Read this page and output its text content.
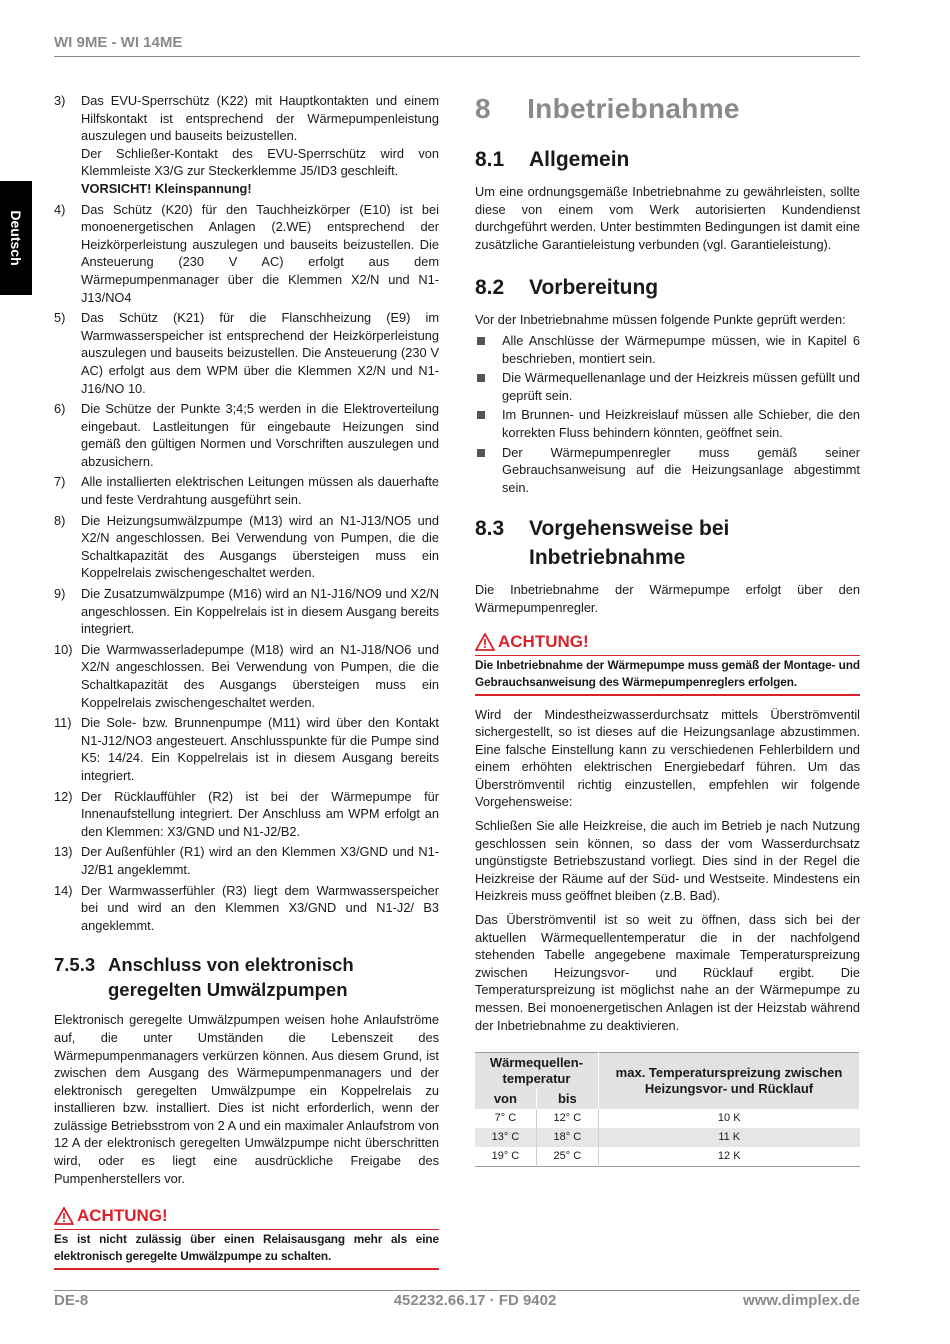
WI 9ME - WI 14ME
Deutsch
3)	Das EVU-Sperrschütz (K22) mit Hauptkontakten und einem Hilfskontakt ist entsprechend der Wärmepumpenleistung auszulegen und bauseits beizustellen.
Der Schließer-Kontakt des EVU-Sperrschütz wird von Klemmleiste X3/G zur Steckerklemme J5/ID3 geschleift.
VORSICHT! Kleinspannung!
4)	Das Schütz (K20) für den Tauchheizkörper (E10) ist bei monoenergetischen Anlagen (2.WE) entsprechend der Heizkörperleistung auszulegen und bauseits beizustellen. Die Ansteuerung (230 V AC) erfolgt aus dem Wärmepumpenmanager über die Klemmen X2/N und N1-J13/NO4
5)	Das Schütz (K21) für die Flanschheizung (E9) im Warmwasserspeicher ist entsprechend der Heizkörperleistung auszulegen und bauseits beizustellen. Die Ansteuerung (230 V AC) erfolgt aus dem WPM über die Klemmen X2/N und N1-J16/NO 10.
6)	Die Schütze der Punkte 3;4;5 werden in die Elektroverteilung eingebaut. Lastleitungen für eingebaute Heizungen sind gemäß den gültigen Normen und Vorschriften auszulegen und abzusichern.
7)	Alle installierten elektrischen Leitungen müssen als dauerhafte und feste Verdrahtung ausgeführt sein.
8)	Die Heizungsumwälzpumpe (M13) wird an N1-J13/NO5 und X2/N angeschlossen. Bei Verwendung von Pumpen, die die Schaltkapazität des Ausgangs übersteigen muss ein Koppelrelais zwischengeschaltet werden.
9)	Die Zusatzumwälzpumpe (M16) wird an N1-J16/NO9 und X2/N angeschlossen. Ein Koppelrelais ist in diesem Ausgang bereits integriert.
10) Die Warmwasserladepumpe (M18) wird an N1-J18/NO6 und X2/N angeschlossen. Bei Verwendung von Pumpen, die die Schaltkapazität des Ausgangs übersteigen muss ein Koppelrelais zwischengeschaltet werden.
11) Die Sole- bzw. Brunnenpumpe (M11) wird über den Kontakt N1-J12/NO3 angesteuert. Anschlusspunkte für die Pumpe sind K5: 14/24. Ein Koppelrelais ist in diesem Ausgang bereits integriert.
12) Der Rücklauffühler (R2) ist bei der Wärmepumpe für Innenaufstellung integriert. Der Anschluss am WPM erfolgt an den Klemmen: X3/GND und N1-J2/B2.
13) Der Außenfühler (R1) wird an den Klemmen X3/GND und N1-J2/B1 angeklemmt.
14) Der Warmwasserfühler (R3) liegt dem Warmwasserspeicher bei und wird an den Klemmen X3/GND und N1-J2/ B3 angeklemmt.
7.5.3 Anschluss von elektronisch geregelten Umwälzpumpen

Elektronisch geregelte Umwälzpumpen weisen hohe Anlaufströme auf, die unter Umständen die Lebenszeit des Wärmepumpenmanagers verkürzen können. Aus diesem Grund, ist zwischen dem Ausgang des Wärmepumpenmanagers und der elektronisch geregelten Umwälzpumpe ein Koppelrelais zu installieren bzw. installiert. Dies ist nicht erforderlich, wenn der zulässige Betriebsstrom von 2 A und ein maximaler Anlaufstrom von 12 A der elektronisch geregelten Umwälzpumpe nicht überschritten wird, oder es liegt eine ausdrückliche Freigabe des Pumpenherstellers vor.

ACHTUNG!
Es ist nicht zulässig über einen Relaisausgang mehr als eine elektronisch geregelte Umwälzpumpe zu schalten.
8 Inbetriebnahme
8.1	Allgemein

Um eine ordnungsgemäße Inbetriebnahme zu gewährleisten, sollte diese von einem vom Werk autorisierten Kundendienst durchgeführt werden. Unter bestimmten Bedingungen ist damit eine zusätzliche Garantieleistung verbunden (vgl. Garantieleistung).

8.2	Vorbereitung

Vor der Inbetriebnahme müssen folgende Punkte geprüft werden:

Alle Anschlüsse der Wärmepumpe müssen, wie in Kapitel 6 beschrieben, montiert sein.
Die Wärmequellenanlage und der Heizkreis müssen gefüllt und geprüft sein.
Im Brunnen- und Heizkreislauf müssen alle Schieber, die den korrekten Fluss behindern könnten, geöffnet sein.
Der Wärmepumpenregler muss gemäß seiner Gebrauchsanweisung auf die Heizungsanlage abgestimmt sein.
8.3	Vorgehensweise bei Inbetriebnahme

Die Inbetriebnahme der Wärmepumpe erfolgt über den Wärmepumpenregler.

ACHTUNG!
Die Inbetriebnahme der Wärmepumpe muss gemäß der Montage- und Gebrauchsanweisung des Wärmepumpenreglers erfolgen.

Wird der Mindestheizwasserdurchsatz mittels Überströmventil sichergestellt, so ist dieses auf die Heizungsanlage abzustimmen. Eine falsche Einstellung kann zu verschiedenen Fehlerbildern und einem erhöhten elektrischen Energiebedarf führen. Um das Überströmventil richtig einzustellen, empfehlen wir folgende Vorgehensweise:

Schließen Sie alle Heizkreise, die auch im Betrieb je nach Nutzung geschlossen sein können, so dass der vom Wasserdurchsatz ungünstigste Betriebszustand vorliegt. Dies sind in der Regel die Heizkreise der Räume auf der Süd- und Westseite. Mindestens ein Heizkreis muss geöffnet bleiben (z.B. Bad).

Das Überströmventil ist so weit zu öffnen, dass sich bei der aktuellen Wärmequellentemperatur die in der nachfolgend stehenden Tabelle angegebene maximale Temperaturspreizung zwischen Heizungsvor- und Rücklauf ergibt. Die Temperaturspreizung ist möglichst nahe an der Wärmepumpe zu messen. Bei monoenergetischen Anlagen ist der Heizstab während der Inbetriebnahme zu deaktivieren.

Wärmequellen-temperatur		max. Temperaturspreizung zwischen Heizungsvor- und Rücklauf
von	bis	
7° C	12° C	10 K
13° C	18° C	11 K
19° C	25° C	12 K
DE-8	452232.66.17 · FD 9402	www.dimplex.de
